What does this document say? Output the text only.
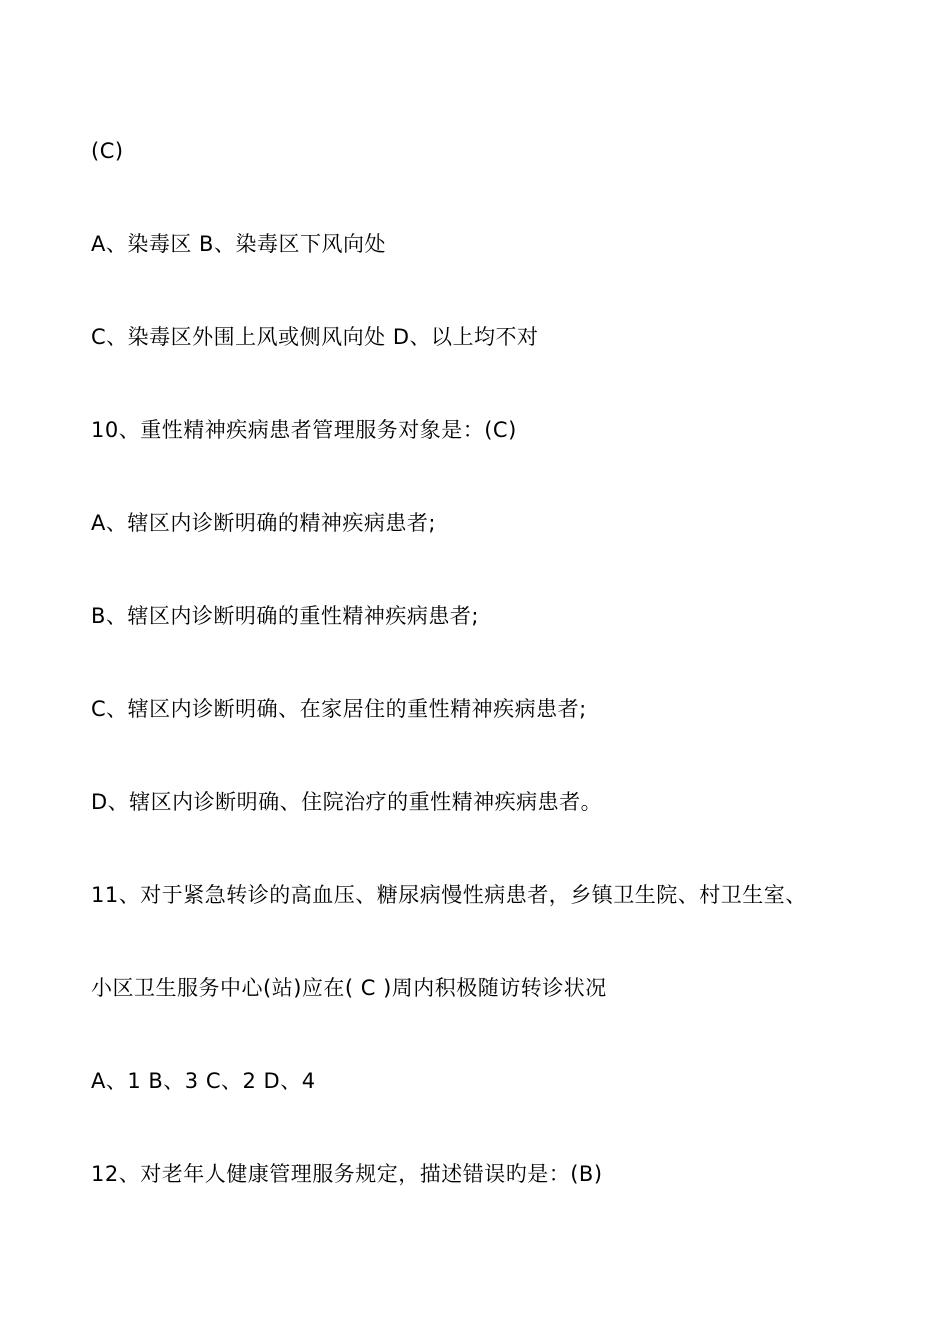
(C)
A、染毒区 B、染毒区下风向处
C、染毒区外围上风或侧风向处 D、以上均不对
10、重性精神疾病患者管理服务对象是：(C)
A、辖区内诊断明确的精神疾病患者;
B、辖区内诊断明确的重性精神疾病患者;
C、辖区内诊断明确、在家居住的重性精神疾病患者;
D、辖区内诊断明确、住院治疗的重性精神疾病患者。
11、对于紧急转诊的高血压、糖尿病慢性病患者，乡镇卫生院、村卫生室、
小区卫生服务中心(站)应在( C )周内积极随访转诊状况
A、1 B、3 C、2 D、4
12、对老年人健康管理服务规定，描述错误旳是：(B)
